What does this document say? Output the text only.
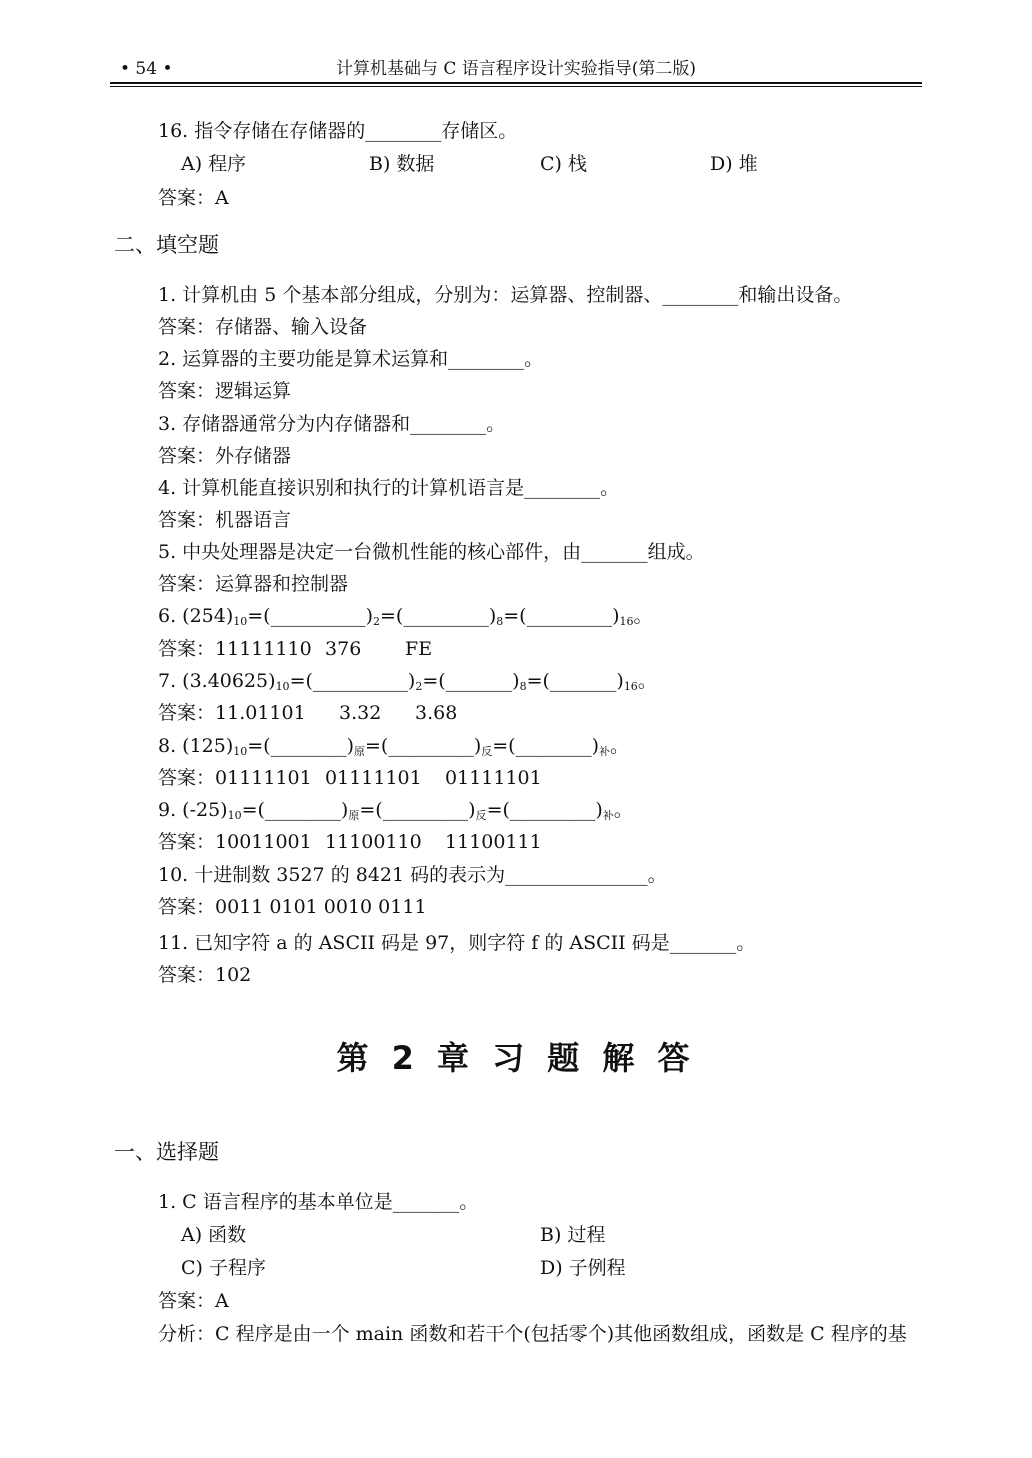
• 54 •	计算机基础与 C 语言程序设计实验指导(第二版)
16. 指令存储在存储器的________存储区。
A) 程序	B) 数据	C) 栈	D) 堆
答案：A
二、填空题
1. 计算机由 5 个基本部分组成，分别为：运算器、控制器、________和输出设备。
答案：存储器、输入设备
2. 运算器的主要功能是算术运算和________。
答案：逻辑运算
3. 存储器通常分为内存储器和________。
答案：外存储器
4. 计算机能直接识别和执行的计算机语言是________。
答案：机器语言
5. 中央处理器是决定一台微机性能的核心部件，由_______组成。
答案：运算器和控制器
6. $(254)_{10}=(\_\_\_\_\_\_\_\_\_\_)_2=(\_\_\_\_\_\_\_\_\_)_8=(\_\_\_\_\_\_\_\_\_)_{16}$。
答案：11111110 376 FE
7. $(3.40625)_{10}=(\_\_\_\_\_\_\_\_\_\_)_2=(\_\_\_\_\_\_\_)_8=(\_\_\_\_\_\_\_)_{16}$。
答案：11.01101 3.32 3.68
8. $(125)_{10}=(\_\_\_\_\_\_\_\_)_原=(\_\_\_\_\_\_\_\_\_)_反=(\_\_\_\_\_\_\_\_)_补$。
答案：01111101 01111101 01111101
9. $(-25)_{10}=(\_\_\_\_\_\_\_\_)_原=(\_\_\_\_\_\_\_\_\_)_反=(\_\_\_\_\_\_\_\_\_)_补$。
答案：10011001 11100110 11100111
10. 十进制数 3527 的 8421 码的表示为_______________。
答案：0011 0101 0010 0111
11. 已知字符 a 的 ASCII 码是 97，则字符 f 的 ASCII 码是_______。
答案：102
第 2 章 习 题 解 答
一、选择题
1. C 语言程序的基本单位是_______。
A) 函数	B) 过程
C) 子程序	D) 子例程
答案：A
分析：C 程序是由一个 main 函数和若干个(包括零个)其他函数组成，函数是 C 程序的基
